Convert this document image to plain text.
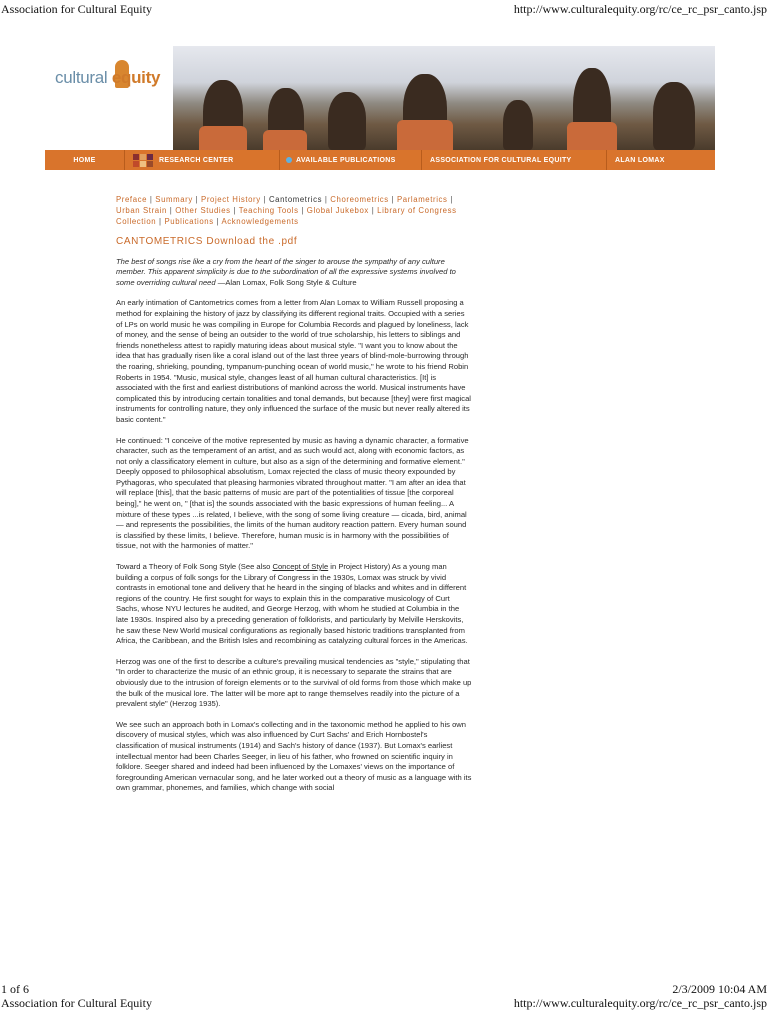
Association for Cultural Equity	http://www.culturalequity.org/rc/ce_rc_psr_canto.jsp
cultural equity
HOME	RESEARCH CENTER	AVAILABLE PUBLICATIONS	ASSOCIATION FOR CULTURAL EQUITY	ALAN LOMAX
Preface | Summary | Project History | Cantometrics | Choreometrics | Parlametrics | Urban Strain | Other Studies | Teaching Tools | Global Jukebox | Library of Congress Collection | Publications | Acknowledgements
CANTOMETRICS Download the .pdf
The best of songs rise like a cry from the heart of the singer to arouse the sympathy of any culture member. This apparent simplicity is due to the subordination of all the expressive systems involved to some overriding cultural need —Alan Lomax, Folk Song Style & Culture

An early intimation of Cantometrics comes from a letter from Alan Lomax to William Russell proposing a method for explaining the history of jazz by classifying its different regional traits. Occupied with a series of LPs on world music he was compiling in Europe for Columbia Records and plagued by loneliness, lack of money, and the sense of being an outsider to the world of true scholarship, his letters to siblings and friends nonetheless attest to rapidly maturing ideas about musical style. "I want you to know about the idea that has gradually risen like a coral island out of the last three years of blind-mole-burrowing through the roaring, shrieking, pounding, tympanum-punching ocean of world music," he wrote to his friend Robin Roberts in 1954. "Music, musical style, changes least of all human cultural characteristics. [It] is associated with the first and earliest distributions of mankind across the world. Musical instruments have complicated this by introducing certain tonalities and tonal demands, but because [they] were first magical instruments for controlling nature, they only influenced the surface of the music but never really altered its basic content."

He continued: "I conceive of the motive represented by music as having a dynamic character, a formative character, such as the temperament of an artist, and as such would act, along with economic factors, as not only a classificatory element in culture, but also as a sign of the determining and formative element." Deeply opposed to philosophical absolutism, Lomax rejected the class of music theory expounded by Pythagoras, who speculated that pleasing harmonies vibrated throughout matter. "I am after an idea that will replace [this], that the basic patterns of music are part of the potentialities of tissue [the corporeal being]," he went on, " [that is] the sounds associated with the basic expressions of human feeling... A mixture of these types ...is related, I believe, with the song of some living creature — cicada, bird, animal — and represents the possibilities, the limits of the human auditory reaction pattern. Every human sound is classified by these limits, I believe. Therefore, human music is in harmony with the possibilities of tissue, not with the harmonies of matter."

Toward a Theory of Folk Song Style (See also Concept of Style in Project History) As a young man building a corpus of folk songs for the Library of Congress in the 1930s, Lomax was struck by vivid contrasts in emotional tone and delivery that he heard in the singing of blacks and whites and in different regions of the country. He first sought for ways to explain this in the comparative musicology of Curt Sachs, whose NYU lectures he audited, and George Herzog, with whom he studied at Columbia in the late 1930s. Inspired also by a preceding generation of folklorists, and particularly by Melville Herskovits, he saw these New World musical configurations as regionally based historic traditions transplanted from Africa, the Caribbean, and the British Isles and recombining as catalyzing cultural forces in the Americas.

Herzog was one of the first to describe a culture's prevailing musical tendencies as "style," stipulating that "In order to characterize the music of an ethnic group, it is necessary to separate the strains that are obviously due to the intrusion of foreign elements or to the survival of old forms from those which make up the bulk of the musical lore. The latter will be more apt to range themselves readily into the picture of a prevalent style" (Herzog 1935).

We see such an approach both in Lomax's collecting and in the taxonomic method he applied to his own discovery of musical styles, which was also influenced by Curt Sachs' and Erich Hornbostel's classification of musical instruments (1914) and Sach's history of dance (1937). But Lomax's earliest intellectual mentor had been Charles Seeger, in lieu of his father, who frowned on scientific inquiry in folklore. Seeger shared and indeed had been influenced by the Lomaxes' views on the importance of foregrounding American vernacular song, and he later worked out a theory of music as a language with its own grammar, phonemes, and families, which change with social

1 of 6	2/3/2009 10:04 AM
Association for Cultural Equity	http://www.culturalequity.org/rc/ce_rc_psr_canto.jsp
